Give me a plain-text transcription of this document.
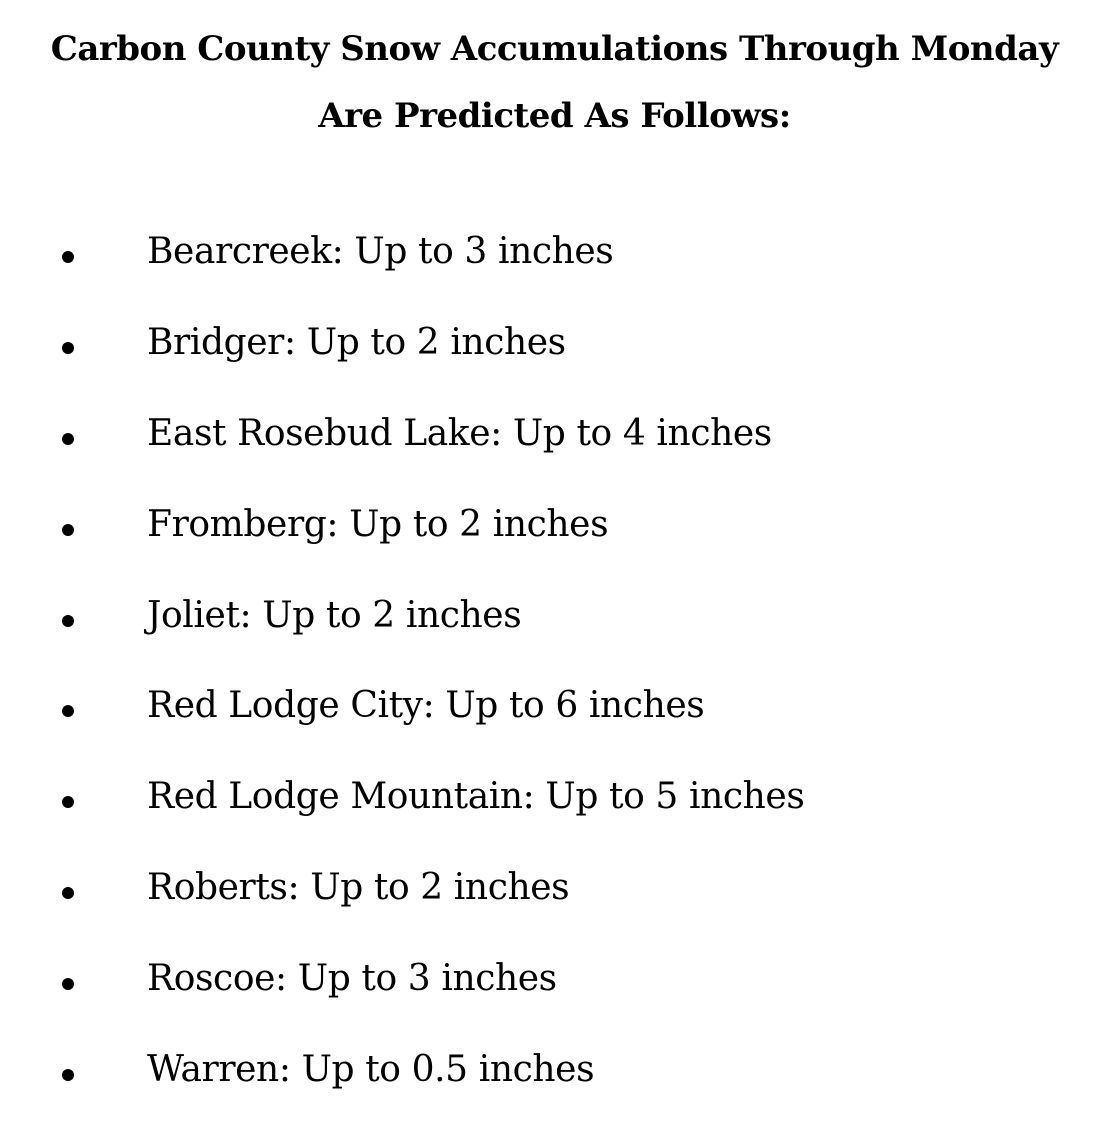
Carbon County Snow Accumulations Through Monday
Are Predicted As Follows:
Bearcreek: Up to 3 inches
Bridger: Up to 2 inches
East Rosebud Lake: Up to 4 inches
Fromberg: Up to 2 inches
Joliet: Up to 2 inches
Red Lodge City: Up to 6 inches
Red Lodge Mountain: Up to 5 inches
Roberts: Up to 2 inches
Roscoe: Up to 3 inches
Warren: Up to 0.5 inches
